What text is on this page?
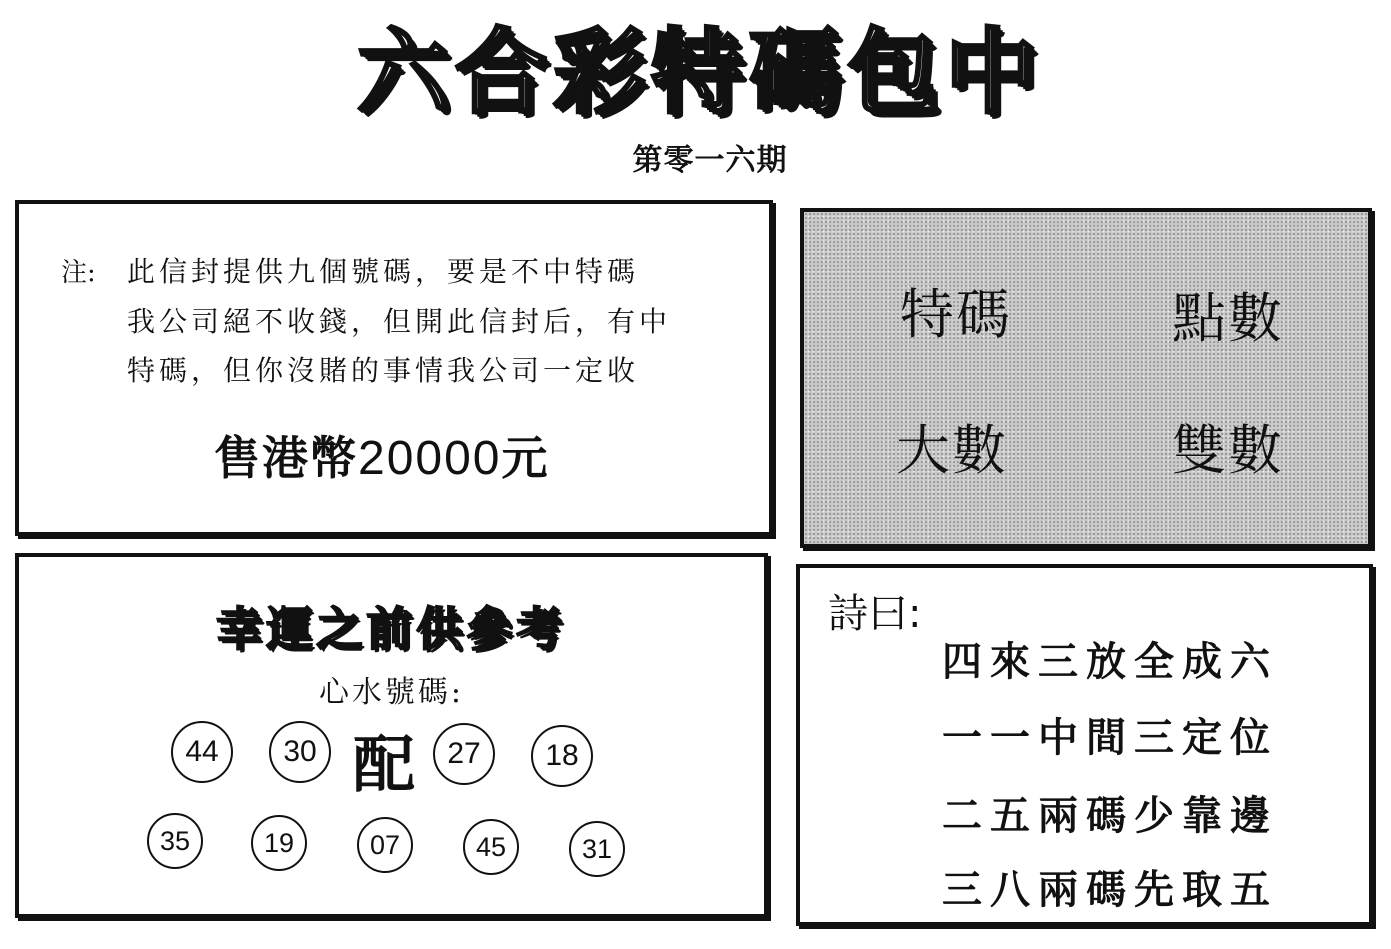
六合彩特碼包中
第零一六期
注: 此信封提供九個號碼，要是不中特碼
我公司絕不收錢，但開此信封后，有中
特碼，但你沒賭的事情我公司一定收
售港幣20000元
特碼	點數
大數	雙數
幸運之前供參考
心水號碼:
44	30 配	27	18
35	19	07	45	31
詩曰:
四來三放全成六
一一中間三定位
二五兩碼少靠邊
三八兩碼先取五
